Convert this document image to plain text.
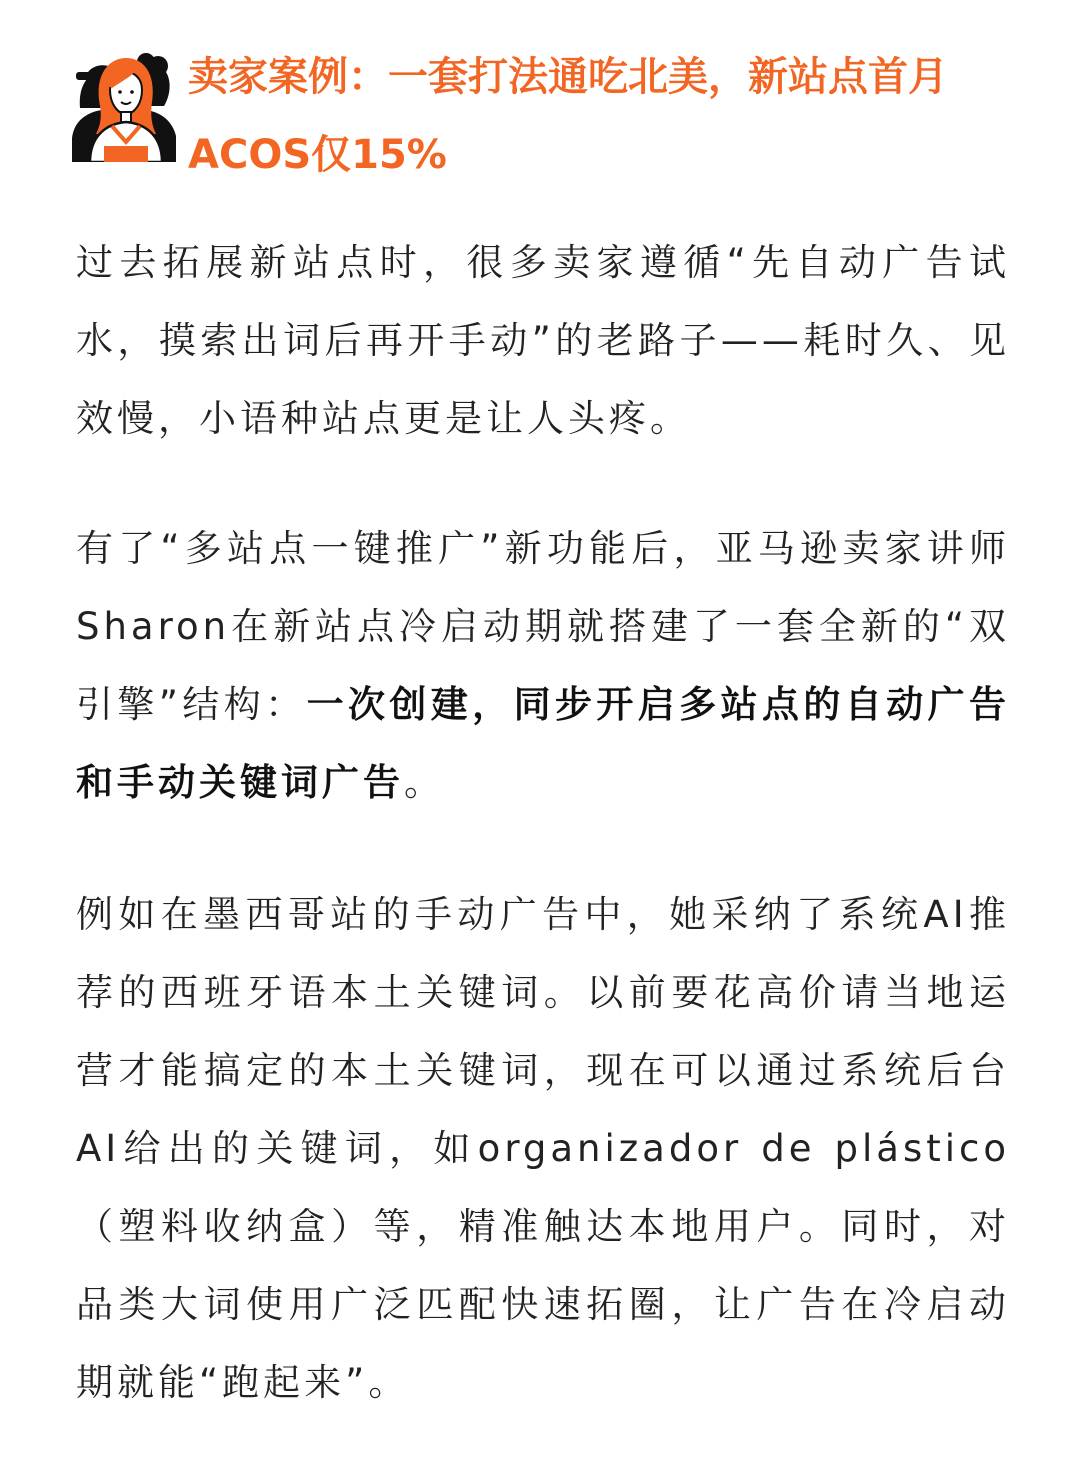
卖家案例：一套打法通吃北美，新站点首月ACOS仅15%

过去拓展新站点时，很多卖家遵循“先自动广告试水，摸索出词后再开手动”的老路子——耗时久、见效慢，小语种站点更是让人头疼。

有了“多站点一键推广”新功能后，亚马逊卖家讲师Sharon在新站点冷启动期就搭建了一套全新的“双引擎”结构：一次创建，同步开启多站点的自动广告和手动关键词广告。

例如在墨西哥站的手动广告中，她采纳了系统AI推荐的西班牙语本土关键词。以前要花高价请当地运营才能搞定的本土关键词，现在可以通过系统后台AI给出的关键词，如organizador de plástico（塑料收纳盒）等，精准触达本地用户。同时，对品类大词使用广泛匹配快速拓圈，让广告在冷启动期就能“跑起来”。
